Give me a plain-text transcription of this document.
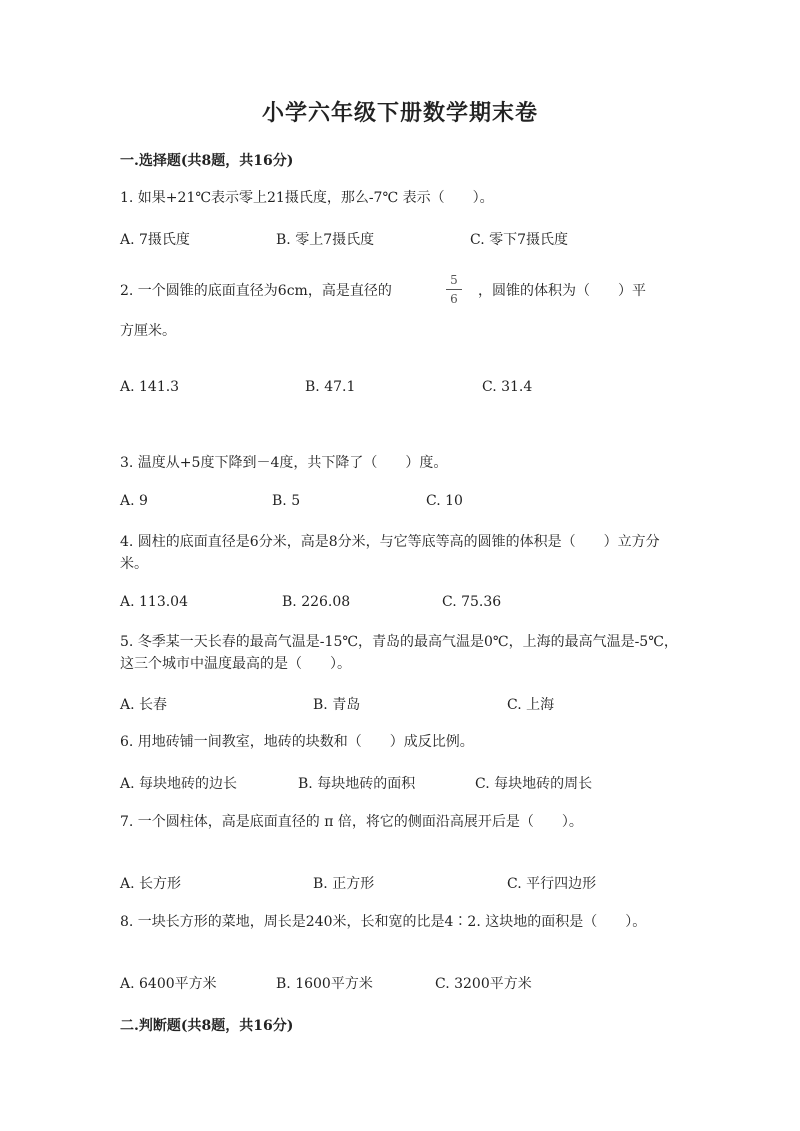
小学六年级下册数学期末卷
一.选择题(共8题，共16分)
1. 如果+21℃表示零上21摄氏度，那么-7℃ 表示（　　）。
A. 7摄氏度	B. 零上7摄氏度	C. 零下7摄氏度
2. 一个圆锥的底面直径为6cm，高是直径的
5
6	，圆锥的体积为（　　）平
方厘米。
A. 141.3	B. 47.1	C. 31.4
3. 温度从+5度下降到－4度，共下降了（　　）度。
A. 9	B. 5	C. 10
4. 圆柱的底面直径是6分米，高是8分米，与它等底等高的圆锥的体积是（　　）立方分米。
A. 113.04	B. 226.08	C. 75.36
5. 冬季某一天长春的最高气温是-15℃，青岛的最高气温是0℃，上海的最高气温是-5℃，这三个城市中温度最高的是（　　）。
A. 长春	B. 青岛	C. 上海
6. 用地砖铺一间教室，地砖的块数和（　　）成反比例。
A. 每块地砖的边长	B. 每块地砖的面积	C. 每块地砖的周长
7. 一个圆柱体，高是底面直径的 π 倍，将它的侧面沿高展开后是（　　）。
A. 长方形	B. 正方形	C. 平行四边形
8. 一块长方形的菜地，周长是240米，长和宽的比是4∶2. 这块地的面积是（　　）。
A. 6400平方米	B. 1600平方米	C. 3200平方米
二.判断题(共8题，共16分)
